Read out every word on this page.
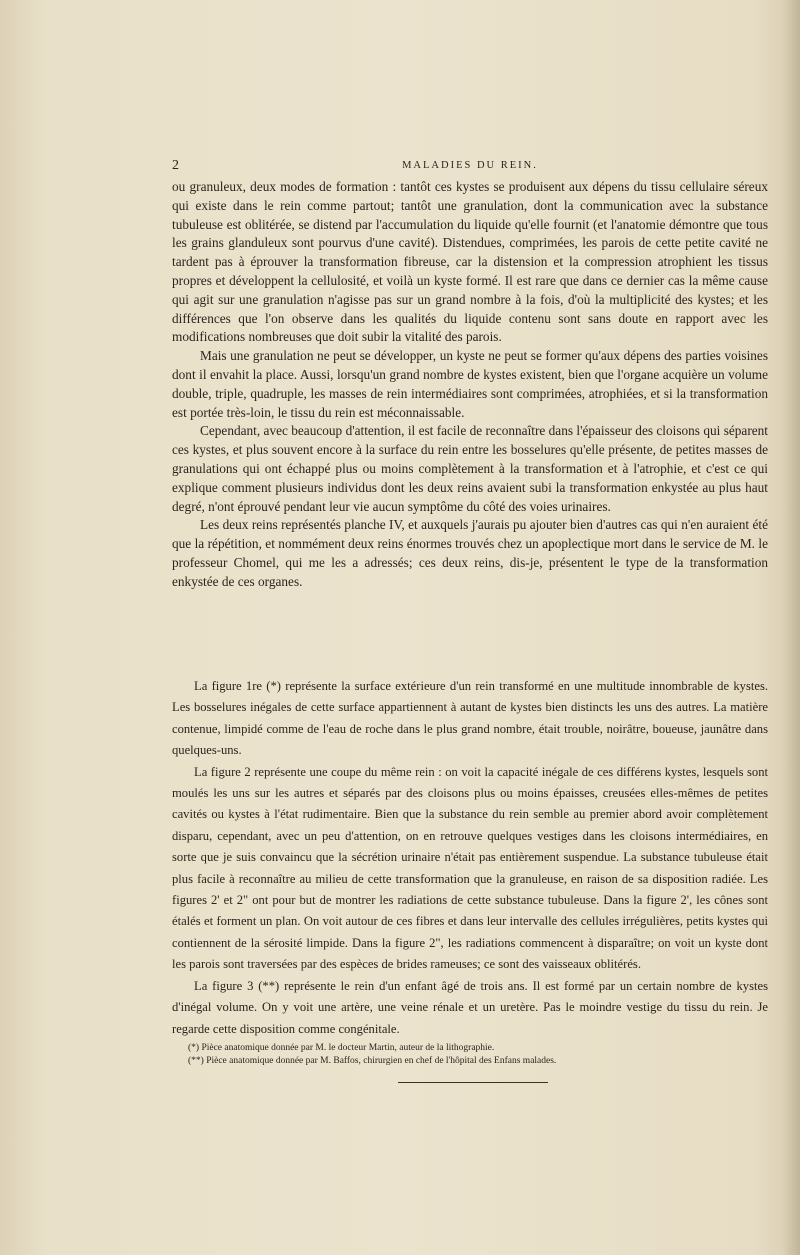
2	MALADIES DU REIN.

ou granuleux, deux modes de formation : tantôt ces kystes se produisent aux dépens du tissu cellulaire séreux qui existe dans le rein comme partout; tantôt une granulation, dont la communication avec la substance tubuleuse est oblitérée, se distend par l'accumulation du liquide qu'elle fournit (et l'anatomie démontre que tous les grains glanduleux sont pourvus d'une cavité). Distendues, comprimées, les parois de cette petite cavité ne tardent pas à éprouver la transformation fibreuse, car la distension et la compression atrophient les tissus propres et développent la cellulosité, et voilà un kyste formé. Il est rare que dans ce dernier cas la même cause qui agit sur une granulation n'agisse pas sur un grand nombre à la fois, d'où la multiplicité des kystes; et les différences que l'on observe dans les qualités du liquide contenu sont sans doute en rapport avec les modifications nombreuses que doit subir la vitalité des parois.

Mais une granulation ne peut se développer, un kyste ne peut se former qu'aux dépens des parties voisines dont il envahit la place. Aussi, lorsqu'un grand nombre de kystes existent, bien que l'organe acquière un volume double, triple, quadruple, les masses de rein intermédiaires sont comprimées, atrophiées, et si la transformation est portée très-loin, le tissu du rein est méconnaissable.

Cependant, avec beaucoup d'attention, il est facile de reconnaître dans l'épaisseur des cloisons qui séparent ces kystes, et plus souvent encore à la surface du rein entre les bosselures qu'elle présente, de petites masses de granulations qui ont échappé plus ou moins complètement à la transformation et à l'atrophie, et c'est ce qui explique comment plusieurs individus dont les deux reins avaient subi la transformation enkystée au plus haut degré, n'ont éprouvé pendant leur vie aucun symptôme du côté des voies urinaires.

Les deux reins représentés planche IV, et auxquels j'aurais pu ajouter bien d'autres cas qui n'en auraient été que la répétition, et nommément deux reins énormes trouvés chez un apoplectique mort dans le service de M. le professeur Chomel, qui me les a adressés; ces deux reins, dis-je, présentent le type de la transformation enkystée de ces organes.

La figure 1re (*) représente la surface extérieure d'un rein transformé en une multitude innombrable de kystes. Les bosselures inégales de cette surface appartiennent à autant de kystes bien distincts les uns des autres. La matière contenue, limpidé comme de l'eau de roche dans le plus grand nombre, était trouble, noirâtre, boueuse, jaunâtre dans quelques-uns.

La figure 2 représente une coupe du même rein : on voit la capacité inégale de ces différens kystes, lesquels sont moulés les uns sur les autres et séparés par des cloisons plus ou moins épaisses, creusées elles-mêmes de petites cavités ou kystes à l'état rudimentaire. Bien que la substance du rein semble au premier abord avoir complètement disparu, cependant, avec un peu d'attention, on en retrouve quelques vestiges dans les cloisons intermédiaires, en sorte que je suis convaincu que la sécrétion urinaire n'était pas entièrement suspendue. La substance tubuleuse était plus facile à reconnaître au milieu de cette transformation que la granuleuse, en raison de sa disposition radiée. Les figures 2' et 2" ont pour but de montrer les radiations de cette substance tubuleuse. Dans la figure 2', les cônes sont étalés et forment un plan. On voit autour de ces fibres et dans leur intervalle des cellules irrégulières, petits kystes qui contiennent de la sérosité limpide. Dans la figure 2", les radiations commencent à disparaître; on voit un kyste dont les parois sont traversées par des espèces de brides rameuses; ce sont des vaisseaux oblitérés.

La figure 3 (**) représente le rein d'un enfant âgé de trois ans. Il est formé par un certain nombre de kystes d'inégal volume. On y voit une artère, une veine rénale et un uretère. Pas le moindre vestige du tissu du rein. Je regarde cette disposition comme congénitale.

(*) Pièce anatomique donnée par M. le docteur Martin, auteur de la lithographie.

(**) Pièce anatomique donnée par M. Baffos, chirurgien en chef de l'hôpital des Enfans malades.
